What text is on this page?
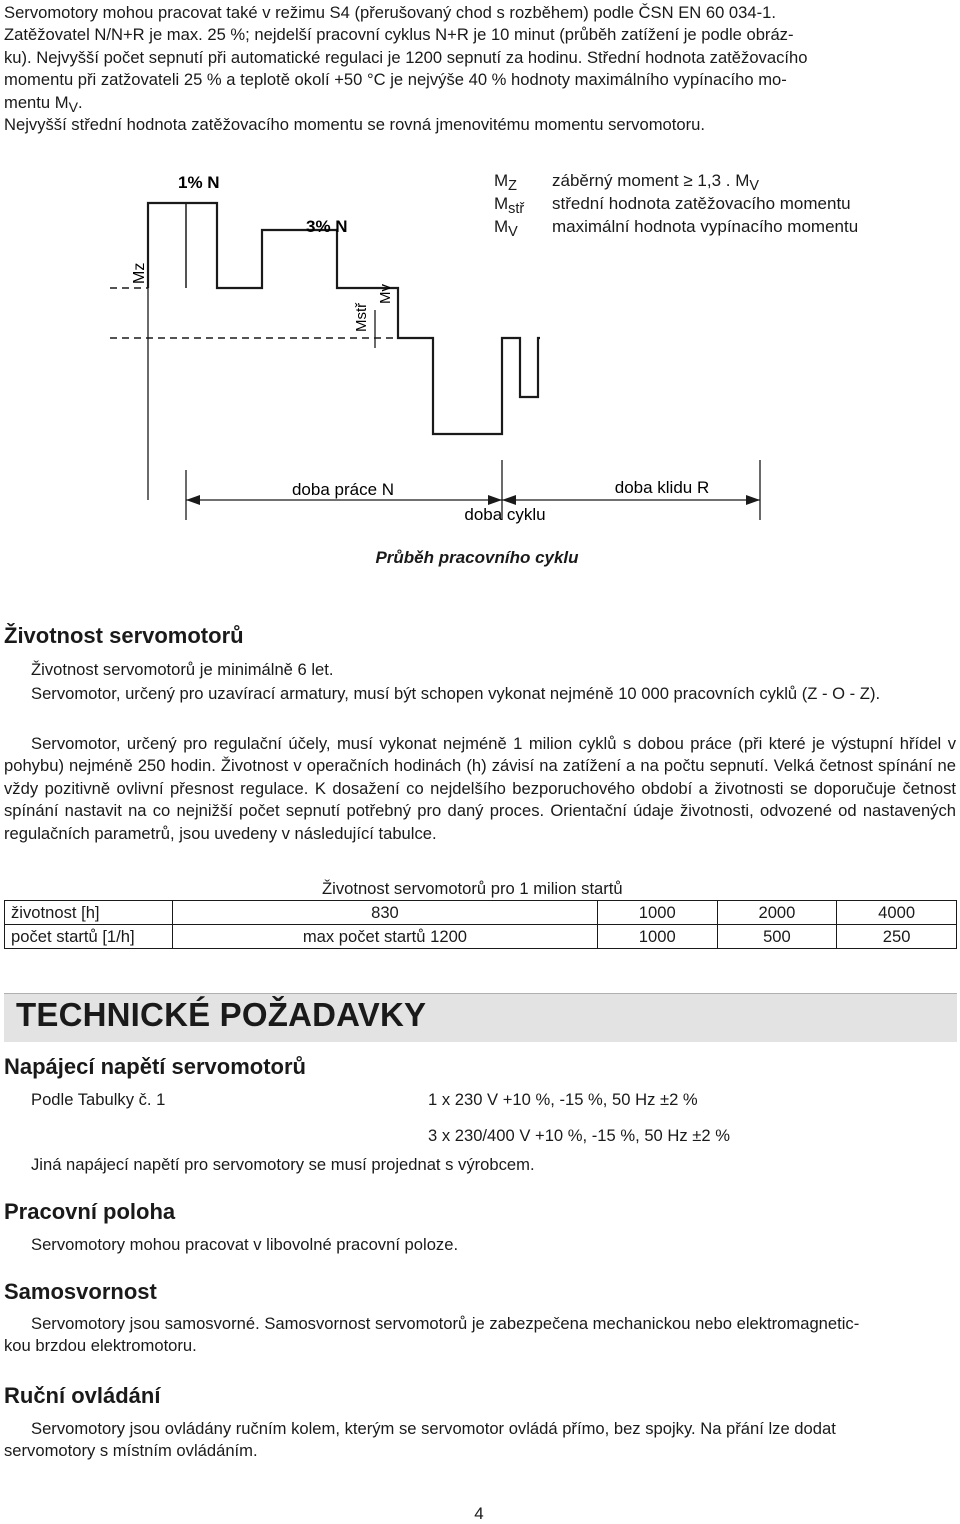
Servomotory mohou pracovat také v režimu S4 (přerušovaný chod s rozběhem) podle ČSN EN 60 034-1.
Zatěžovatel N/N+R je max. 25 %; nejdelší pracovní cyklus N+R je 10 minut (průběh zatížení je podle obráz-
ku). Nejvyšší počet sepnutí při automatické regulaci je 1200 sepnutí za hodinu. Střední hodnota zatěžovacího
momentu při zatžovateli 25 % a teplotě okolí +50 °C je nejvýše 40 % hodnoty maximálního vypínacího mo-
mentu $M_V$.
Nejvyšší střední hodnota zatěžovacího momentu se rovná jmenovitému momentu servomotoru.
1% N
3% N
Mz
Mstř
Mv
doba práce N	doba klidu R
doba cyklu
$M_Z$ záběrný moment ≥ 1,3 . $M_V$
$M_{stř}$ střední hodnota zatěžovacího momentu
$M_V$ maximální hodnota vypínacího momentu
Průběh pracovního cyklu
Životnost servomotorů
Životnost servomotorů je minimálně 6 let.
Servomotor, určený pro uzavírací armatury, musí být schopen vykonat nejméně 10 000 pracovních cyklů (Z - O - Z).
Servomotor, určený pro regulační účely, musí vykonat nejméně 1 milion cyklů s dobou práce (při které je výstupní hřídel v pohybu) nejméně 250 hodin. Životnost v operačních hodinách (h) závisí na zatížení a na počtu sepnutí. Velká četnost spínání ne vždy pozitivně ovlivní přesnost regulace. K dosažení co nejdelšího bezporuchového období a životnosti se doporučuje četnost spínání nastavit na co nejnižší počet sepnutí potřebný pro daný proces. Orientační údaje životnosti, odvozené od nastavených regulačních parametrů, jsou uvedeny v následující tabulce.
Životnost servomotorů pro 1 milion startů
životnost [h]	830	1000	2000	4000
počet startů [1/h]	max počet startů 1200	1000	500	250
TECHNICKÉ POŽADAVKY
Napájecí napětí servomotorů
Podle Tabulky č. 1	1 x 230 V +10 %, -15 %, 50 Hz ±2 %
3 x 230/400 V +10 %, -15 %, 50 Hz ±2 %
Jiná napájecí napětí pro servomotory se musí projednat s výrobcem.
Pracovní poloha
Servomotory mohou pracovat v libovolné pracovní poloze.
Samosvornost
Servomotory jsou samosvorné. Samosvornost servomotorů je zabezpečena mechanickou nebo elektromagnetic-
kou brzdou elektromotoru.
Ruční ovládání
Servomotory jsou ovládány ručním kolem, kterým se servomotor ovládá přímo, bez spojky. Na přání lze dodat
servomotory s místním ovládáním.
4
